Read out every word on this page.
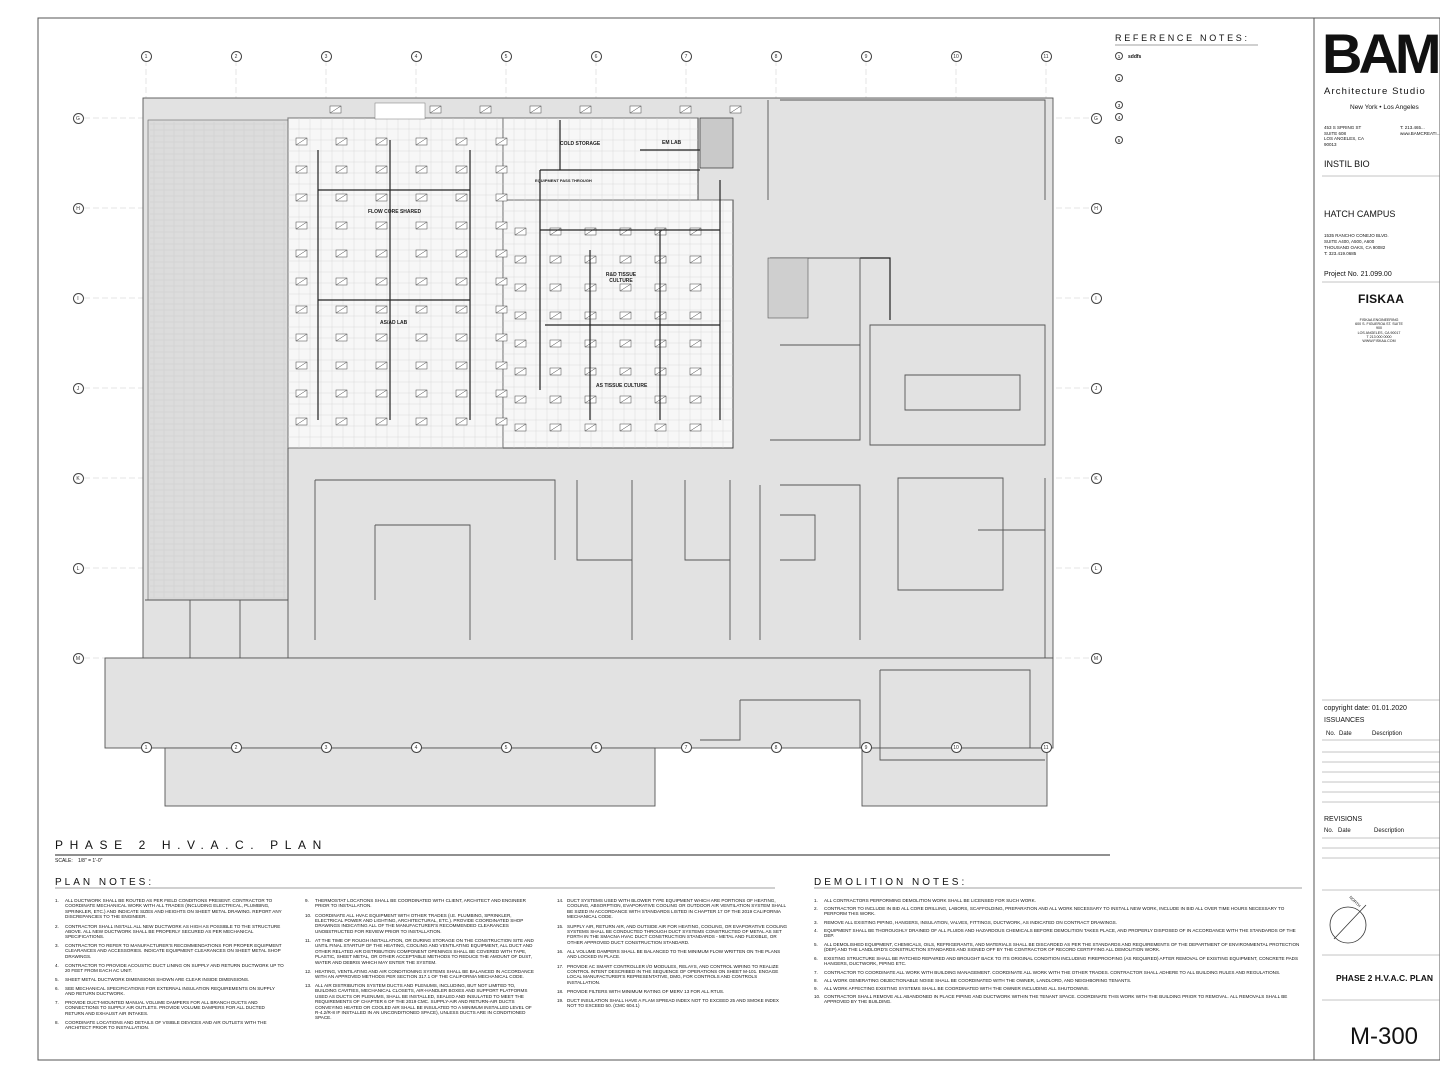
1
1
2
2
3
3
4
4
5
5
6
6
7
7
8
8
9
9
10
10
11
11
G	G
H	H
I	I
J	J
K	K
L	L
M	M
COLD STORAGE	EM LAB
EQUIPMENT PASS THROUGH
FLOW CORE SHARED
AS/AD LAB
R&D TISSUE CULTURE
AS TISSUE CULTURE
REFERENCE NOTES:
1 sddfs
2
3
4
5
PHASE 2 H.V.A.C. PLAN
SCALE: 1/8" = 1'-0"
PLAN NOTES:
1.	ALL DUCTWORK SHALL BE ROUTED AS PER FIELD CONDITIONS PRESENT. CONTRACTOR TO COORDINATE MECHANICAL WORK WITH ALL TRADES (INCLUDING ELECTRICAL, PLUMBING, SPRINKLER, ETC.) AND INDICATE SIZES AND HEIGHTS ON SHEET METAL DRAWING. REPORT ANY DISCREPANCIES TO THE ENGINEER.
2.	CONTRACTOR SHALL INSTALL ALL NEW DUCTWORK AS HIGH AS POSSIBLE TO THE STRUCTURE ABOVE. ALL NEW DUCTWORK SHALL BE PROPERLY SECURED AS PER MECHANICAL SPECIFICATIONS.
3.	CONTRACTOR TO REFER TO MANUFACTURER'S RECOMMENDATIONS FOR PROPER EQUIPMENT CLEARANCES AND ACCESSORIES. INDICATE EQUIPMENT CLEARANCES ON SHEET METAL SHOP DRAWINGS.
4.	CONTRACTOR TO PROVIDE ACOUSTIC DUCT LINING ON SUPPLY AND RETURN DUCTWORK UP TO 20 FEET FROM EACH AC UNIT.
5.	SHEET METAL DUCTWORK DIMENSIONS SHOWN ARE CLEAR INSIDE DIMENSIONS.
6.	SEE MECHANICAL SPECIFICATIONS FOR EXTERNAL INSULATION REQUIREMENTS ON SUPPLY AND RETURN DUCTWORK.
7.	PROVIDE DUCT-MOUNTED MANUAL VOLUME DAMPERS FOR ALL BRANCH DUCTS AND CONNECTIONS TO SUPPLY AIR OUTLETS. PROVIDE VOLUME DAMPERS FOR ALL DUCTED RETURN AND EXHAUST AIR INTAKES.
8.	COORDINATE LOCATIONS AND DETAILS OF VISIBLE DEVICES AND AIR OUTLETS WITH THE ARCHITECT PRIOR TO INSTALLATION.
9.	THERMOSTAT LOCATIONS SHALL BE COORDINATED WITH CLIENT, ARCHITECT AND ENGINEER PRIOR TO INSTALLATION.
10. COORDINATE ALL HVAC EQUIPMENT WITH OTHER TRADES (I.E. PLUMBING, SPRINKLER, ELECTRICAL POWER AND LIGHTING, ARCHITECTURAL, ETC.). PROVIDE COORDINATED SHOP DRAWINGS INDICATING ALL OF THE MANUFACTURER'S RECOMMENDED CLEARANCES UNOBSTRUCTED FOR REVIEW PRIOR TO INSTALLATION.
11. AT THE TIME OF ROUGH INSTALLATION, OR DURING STORAGE ON THE CONSTRUCTION SITE AND UNTIL FINAL STARTUP OF THE HEATING, COOLING AND VENTILATING EQUIPMENT, ALL DUCT AND OTHER RELATED AIR DISTRIBUTION COMPONENT OPENINGS SHALL BE COVERED WITH TAPE, PLASTIC, SHEET METAL, OR OTHER ACCEPTABLE METHODS TO REDUCE THE AMOUNT OF DUST, WATER AND DEBRIS WHICH MAY ENTER THE SYSTEM.
12. HEATING, VENTILATING AND AIR CONDITIONING SYSTEMS SHALL BE BALANCED IN ACCORDANCE WITH AN APPROVED METHODS PER SECTION 317.1 OF THE CALIFORNIA MECHANICAL CODE.
13. ALL AIR DISTRIBUTION SYSTEM DUCTS AND PLENUMS, INCLUDING, BUT NOT LIMITED TO, BUILDING CAVITIES, MECHANICAL CLOSETS, AIR-HANDLER BOXES AND SUPPORT PLATFORMS USED AS DUCTS OR PLENUMS, SHALL BE INSTALLED, SEALED AND INSULATED TO MEET THE REQUIREMENTS OF CHAPTER 6 OF THE 2019 CMC. SUPPLY-AIR AND RETURN-AIR DUCTS CONVEYING HEATED OR COOLED AIR SHALL BE INSULATED TO A MINIMUM INSTALLED LEVEL OF R-4.2/R-8 IF INSTALLED IN AN UNCONDITIONED SPACE), UNLESS DUCTS ARE IN CONDITIONED SPACE.
14. DUCT SYSTEMS USED WITH BLOWER TYPE EQUIPMENT WHICH ARE PORTIONS OF HEATING, COOLING, ABSORPTION, EVAPORATIVE COOLING OR OUTDOOR AIR VENTILATION SYSTEM SHALL BE SIZED IN ACCORDANCE WITH STANDARDS LISTED IN CHAPTER 17 OF THE 2019 CALIFORNIA MECHANICAL CODE.
15. SUPPLY AIR, RETURN AIR, AND OUTSIDE AIR FOR HEATING, COOLING, OR EVAPORATIVE COOLING SYSTEMS SHALL BE CONDUCTED THROUGH DUCT SYSTEMS CONSTRUCTED OF METAL AS SET FORTH IN THE SMACNA HVAC DUCT CONSTRUCTION STANDARDS - METAL AND FLEXIBLE, OR OTHER APPROVED DUCT CONSTRUCTION STANDARD.
16. ALL VOLUME DAMPERS SHALL BE BALANCED TO THE MINIMUM FLOW WRITTEN ON THE PLANS AND LOCKED IN PLACE.
17. PROVIDE AC SMART CONTROLLER I/O MODULES, RELAYS, AND CONTROL WIRING TO REALIZE CONTROL INTENT DESCRIBED IN THE SEQUENCE OF OPERATIONS ON SHEET M-101. ENGAGE LOCAL MANUFACTURER'S REPRESENTATIVE, DMG, FOR CONTROLS AND CONTROLS INSTALLATION.
18. PROVIDE FILTERS WITH MINIMUM RATING OF MERV 13 FOR ALL RTUS.
19. DUCT INSULATION SHALL HAVE A FLAM SPREAD INDEX NOT TO EXCEED 25 AND SMOKE INDEX NOT TO EXCEED 50. (CMC 604.1)
DEMOLITION NOTES:
1.	ALL CONTRACTORS PERFORMING DEMOLITION WORK SHALL BE LICENSED FOR SUCH WORK.
2.	CONTRACTOR TO INCLUDE IN BID ALL CORE DRILLING, LABORS, SCAFFOLDING, PREPARATION AND ALL WORK NECESSARY TO INSTALL NEW WORK, INCLUDE IN BID ALL OVER TIME HOURS NECESSARY TO PERFORM THIS WORK.
3.	REMOVE ALL EXISTING PIPING, HANGERS, INSULATION, VALVES, FITTINGS, DUCTWORK, AS INDICATED ON CONTRACT DRAWINGS.
4.	EQUIPMENT SHALL BE THOROUGHLY DRAINED OF ALL FLUIDS AND HAZARDOUS CHEMICALS BEFORE DEMOLITION TAKES PLACE, AND PROPERLY DISPOSED OF IN ACCORDANCE WITH THE STANDARDS OF THE DEP.
5.	ALL DEMOLISHED EQUIPMENT, CHEMICALS, OILS, REFRIGERANTS, AND MATERIALS SHALL BE DISCARDED AS PER THE STANDARDS AND REQUIREMENTS OF THE DEPARTMENT OF ENVIRONMENTAL PROTECTION (DEP) AND THE LANDLORD'S CONSTRUCTION STANDARDS AND SIGNED OFF BY THE CONTRACTOR OF RECORD CERTIFYING ALL DEMOLITION WORK.
6.	EXISTING STRUCTURE SHALL BE PATCHED REPAIRED AND BROUGHT BACK TO ITS ORIGINAL CONDITION INCLUDING FIREPROOFING (AS REQUIRED) AFTER REMOVAL OF EXISTING EQUIPMENT, CONCRETE PADS HANGERS, DUCTWORK, PIPING ETC.
7.	CONTRACTOR TO COORDINATE ALL WORK WITH BUILDING MANAGEMENT. COORDINATE ALL WORK WITH THE OTHER TRADES. CONTRACTOR SHALL ADHERE TO ALL BUILDING RULES AND REGULATIONS.
8.	ALL WORK GENERATING OBJECTIONABLE NOISE SHALL BE COORDINATED WITH THE OWNER, LANDLORD, AND NEIGHBORING TENANTS.
9.	ALL WORK AFFECTING EXISTING SYSTEMS SHALL BE COORDINATED WITH THE OWNER INCLUDING ALL SHUTDOWNS.
10. CONTRACTOR SHALL REMOVE ALL ABANDONED IN PLACE PIPING AND DUCTWORK WITHIN THE TENANT SPACE. COORDINATE THIS WORK WITH THE BUILDING PRIOR TO REMOVAL. ALL REMOVALS SHALL BE APPROVED BY THE BUILDING.
BAM
Architecture Studio
New York • Los Angeles
453 S SPRING ST
SUITE 608
LOS ANGELES, CA
90013
T: 213.465...
www.BAMCREATI...
INSTIL BIO
HATCH CAMPUS
1535 RANCHO CONEJO BLVD.
SUITE A400, A500, A600
THOUSAND OAKS, CA 90082
T: 323.419.0685
Project No. 21.099.00
FISKAA
FISKAA ENGINEERING
600 S. FIGUEROA ST. SUITE 900
LOS ANGELES, CA 90017
T 213 000 0000
WWW.FISKAA.COM
copyright date: 01.01.2020
ISSUANCES
No. Date	Description
REVISIONS
No. Date	Description
NORTH
PHASE 2 H.V.A.C. PLAN
M-300
